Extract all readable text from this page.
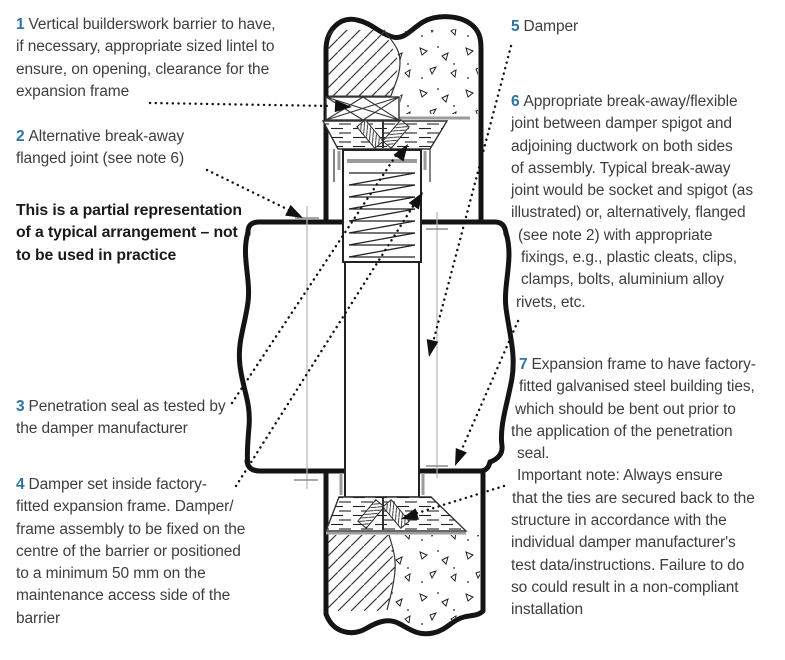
1 Vertical builderswork barrier to have,
if necessary, appropriate sized lintel to
ensure, on opening, clearance for the
expansion frame
2 Alternative break-away
flanged joint (see note 6)
This is a partial representation
of a typical arrangement – not
to be used in practice
3 Penetration seal as tested by
the damper manufacturer
4 Damper set inside factory-
fitted expansion frame. Damper/
frame assembly to be fixed on the
centre of the barrier or positioned
to a minimum 50 mm on the
maintenance access side of the
barrier
5 Damper
6 Appropriate break-away/flexible
joint between damper spigot and
adjoining ductwork on both sides
of assembly. Typical break-away
joint would be socket and spigot (as
illustrated) or, alternatively, flanged
(see note 2) with appropriate
fixings, e.g., plastic cleats, clips,
clamps, bolts, aluminium alloy
rivets, etc.
7 Expansion frame to have factory-
fitted galvanised steel building ties,
which should be bent out prior to
the application of the penetration
seal.
Important note: Always ensure
that the ties are secured back to the
structure in accordance with the
individual damper manufacturer's
test data/instructions. Failure to do
so could result in a non-compliant
installation
